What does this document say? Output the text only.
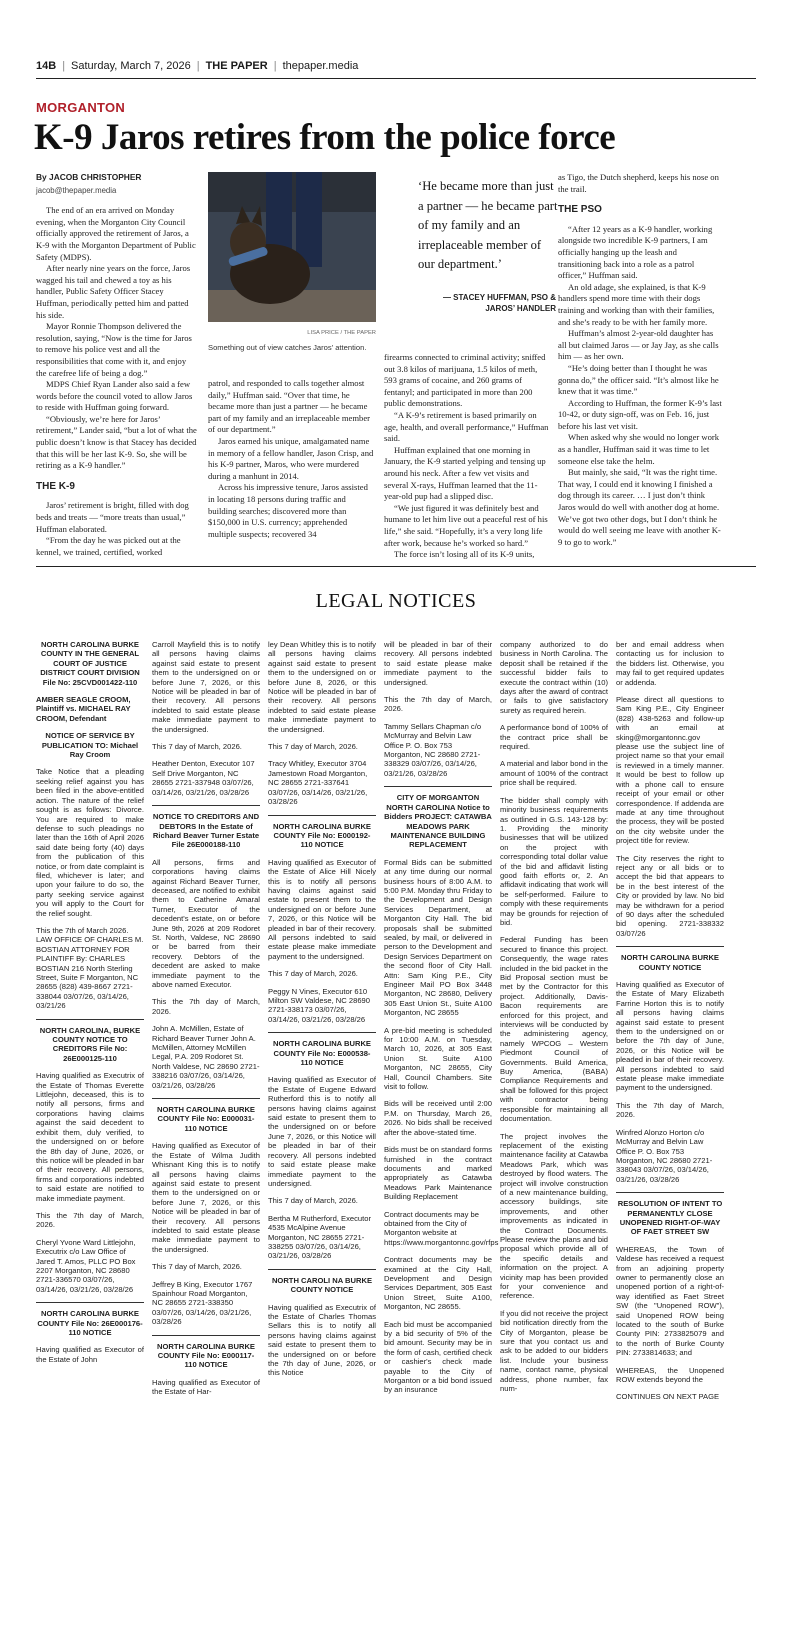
14B | Saturday, March 7, 2026 | THE PAPER | thepaper.media
MORGANTON
K-9 Jaros retires from the police force
By JACOB CHRISTOPHER
jacob@thepaper.media

The end of an era arrived on Monday evening, when the Morganton City Council officially approved the retirement of Jaros, a K-9 with the Morganton Department of Public Safety (MDPS).

After nearly nine years on the force, Jaros wagged his tail and chewed a toy as his handler, Public Safety Officer Stacey Huffman, periodically petted him and patted his side.

Mayor Ronnie Thompson delivered the resolution, saying, “Now is the time for Jaros to remove his police vest and all the responsibilities that come with it, and enjoy the carefree life of being a dog.”

MDPS Chief Ryan Lander also said a few words before the council voted to allow Jaros to reside with Huffman going forward.

“Obviously, we’re here for Jaros’ retirement,” Lander said, “but a lot of what the public doesn’t know is that Stacey has decided that this will be her last K-9. So, she will be retiring as a K-9 handler.”

THE K-9

Jaros’ retirement is bright, filled with dog beds and treats — “more treats than usual,” Huffman elaborated.

“From the day he was picked out at the kennel, we trained, certified, worked

LISA PRICE / THE PAPER
Something out of view catches Jaros’ attention.

patrol, and responded to calls together almost daily,” Huffman said. “Over that time, he became more than just a partner — he became part of my family and an irreplaceable member of our department.”

Jaros earned his unique, amalgamated name in memory of a fellow handler, Jason Crisp, and his K-9 partner, Maros, who were murdered during a manhunt in 2014.

Across his impressive tenure, Jaros assisted in locating 18 persons during traffic and building searches; discovered more than $150,000 in U.S. currency; apprehended multiple suspects; recovered 34

‘He became more than just a partner — he became part of my family and an irreplaceable member of our department.’
— STACEY HUFFMAN, PSO & JAROS’ HANDLER

firearms connected to criminal activity; sniffed out 3.8 kilos of marijuana, 1.5 kilos of meth, 593 grams of cocaine, and 260 grams of fentanyl; and participated in more than 200 public demonstrations.

“A K-9’s retirement is based primarily on age, health, and overall performance,” Huffman said.

Huffman explained that one morning in January, the K-9 started yelping and tensing up around his neck. After a few vet visits and several X-rays, Huffman learned that the 11-year-old pup had a slipped disc.

“We just figured it was definitely best and humane to let him live out a peaceful rest of his life,” she said. “Hopefully, it’s a very long life after work, because he’s worked so hard.”

The force isn’t losing all of its K-9 units,

as Tigo, the Dutch shepherd, keeps his nose on the trail.

THE PSO

“After 12 years as a K-9 handler, working alongside two incredible K-9 partners, I am officially hanging up the leash and transitioning back into a role as a patrol officer,” Huffman said.

An old adage, she explained, is that K-9 handlers spend more time with their dogs training and working than with their families, and she’s ready to be with her family more.

Huffman’s almost 2-year-old daughter has all but claimed Jaros — or Jay Jay, as she calls him — as her own.

“He’s doing better than I thought he was gonna do,” the officer said. “It’s almost like he knew that it was time.”

According to Huffman, the former K-9’s last 10-42, or duty sign-off, was on Feb. 16, just before his last vet visit.

When asked why she would no longer work as a handler, Huffman said it was time to let someone else take the helm.

But mainly, she said, “It was the right time. That way, I could end it knowing I finished a dog through its career. … I just don’t think Jaros would do well with another dog at home. We’ve got two other dogs, but I don’t think he would do well seeing me leave with another K-9 to go to work.”

LEGAL NOTICES

NORTH CAROLINA BURKE COUNTY IN THE GENERAL COURT OF JUSTICE DISTRICT COURT DIVISION File No: 25CVD001422-110

AMBER SEAGLE CROOM, Plaintiff vs. MICHAEL RAY CROOM, Defendant

NOTICE OF SERVICE BY PUBLICATION TO: Michael Ray Croom

Take Notice that a pleading seeking relief against you has been filed in the above-entitled action. The nature of the relief sought is as follows: Divorce. You are required to make defense to such pleadings no later than the 16th of April 2026 said date being forty (40) days from the publication of this notice, or from date complaint is filed, whichever is later; and upon your failure to do so, the party seeking service against you will apply to the Court for the relief sought.

This the 7th of March 2026. LAW OFFICE OF CHARLES M. BOSTIAN ATTORNEY FOR PLAINTIFF By: CHARLES BOSTIAN 216 North Sterling Street, Suite F Morganton, NC 28655 (828) 439-8667 2721-338044 03/07/26, 03/14/26, 03/21/26

NORTH CAROLINA, BURKE COUNTY NOTICE TO CREDITORS File No: 26E000125-110

Having qualified as Executrix of the Estate of Thomas Everette Littlejohn, deceased, this is to notify all persons, firms and corporations having claims against the said decedent to exhibit them, duly verified, to the undersigned on or before the 8th day of June, 2026, or this notice will be pleaded in bar of their recovery. All persons, firms and corporations indebted to said estate are notified to make immediate payment.

This the 7th day of March, 2026.

Cheryl Yvone Ward Littlejohn, Executrix c/o Law Office of Jared T. Amos, PLLC PO Box 2207 Morganton, NC 28680 2721-336570 03/07/26, 03/14/26, 03/21/26, 03/28/26

NORTH CAROLINA BURKE COUNTY File No: 26E000176-110 NOTICE

Having qualified as Executor of the Estate of John

Carroll Mayfield this is to notify all persons having claims against said estate to present them to the undersigned on or before June 7, 2026, or this Notice will be pleaded in bar of their recovery. All persons indebted to said estate please make immediate payment to the undersigned.

This 7 day of March, 2026.

Heather Denton, Executor 107 Self Drive Morganton, NC 28655 2721-337948 03/07/26, 03/14/26, 03/21/26, 03/28/26

NOTICE TO CREDITORS AND DEBTORS In the Estate of Richard Beaver Turner Estate File 26E000188-110

All persons, firms and corporations having claims against Richard Beaver Turner, deceased, are notified to exhibit them to Catherine Amaral Turner, Executor of the decedent's estate, on or before June 9th, 2026 at 209 Rodoret St. North, Valdese, NC 28690 or be barred from their recovery. Debtors of the decedent are asked to make immediate payment to the above named Executor.

This the 7th day of March, 2026.

John A. McMillen, Estate of Richard Beaver Turner John A. McMillen, Attorney McMillen Legal, P.A. 209 Rodoret St. North Valdese, NC 28690 2721-338216 03/07/26, 03/14/26, 03/21/26, 03/28/26

NORTH CAROLINA BURKE COUNTY File No: E000031-110 NOTICE

Having qualified as Executor of the Estate of Wilma Judith Whisnant King this is to notify all persons having claims against said estate to present them to the undersigned on or before June 7, 2026, or this Notice will be pleaded in bar of their recovery. All persons indebted to said estate please make immediate payment to the undersigned.

This 7 day of March, 2026.

Jeffrey B King, Executor 1767 Spainhour Road Morganton, NC 28655 2721-338350 03/07/26, 03/14/26, 03/21/26, 03/28/26

NORTH CAROLINA BURKE COUNTY File No: E000117-110 NOTICE

Having qualified as Executor of the Estate of Har-

ley Dean Whitley this is to notify all persons having claims against said estate to present them to the undersigned on or before June 8, 2026, or this Notice will be pleaded in bar of their recovery. All persons indebted to said estate please make immediate payment to the undersigned.

This 7 day of March, 2026.

Tracy Whitley, Executor 3704 Jamestown Road Morganton, NC 28655 2721-337641 03/07/26, 03/14/26, 03/21/26, 03/28/26

NORTH CAROLINA BURKE COUNTY File No: E000192-110 NOTICE

Having qualified as Executor of the Estate of Alice Hill Nicely this is to notify all persons having claims against said estate to present them to the undersigned on or before June 7, 2026, or this Notice will be pleaded in bar of their recovery. All persons indebted to said estate please make immediate payment to the undersigned.

This 7 day of March, 2026.

Peggy N Vines, Executor 610 Milton SW Valdese, NC 28690 2721-338173 03/07/26, 03/14/26, 03/21/26, 03/28/26

NORTH CAROLINA BURKE COUNTY File No: E000538-110 NOTICE

Having qualified as Executor of the Estate of Eugene Edward Rutherford this is to notify all persons having claims against said estate to present them to the undersigned on or before June 7, 2026, or this Notice will be pleaded in bar of their recovery. All persons indebted to said estate please make immediate payment to the undersigned.

This 7 day of March, 2026.

Bertha M Rutherford, Executor 4535 McAlpine Avenue Morganton, NC 28655 2721-338255 03/07/26, 03/14/26, 03/21/26, 03/28/26

NORTH CAROLI NA BURKE COUNTY NOTICE

Having qualified as Executrix of the Estate of Charles Thomas Sellars this is to notify all persons having claims against said estate to present them to the undersigned on or before the 7th day of June, 2026, or this Notice

will be pleaded in bar of their recovery. All persons indebted to said estate please make immediate payment to the undersigned.

This the 7th day of March, 2026.

Tammy Sellars Chapman c/o McMurray and Belvin Law Office P. O. Box 753 Morganton, NC 28680 2721-338329 03/07/26, 03/14/26, 03/21/26, 03/28/26

CITY OF MORGANTON NORTH CAROLINA Notice to Bidders PROJECT: CATAWBA MEADOWS PARK MAINTENANCE BUILDING REPLACEMENT

Formal Bids can be submitted at any time during our normal business hours of 8:00 A.M. to 5:00 P.M. Monday thru Friday to the Development and Design Services Department, at Morganton City Hall. The bid proposals shall be submitted sealed, by mail, or delivered in person to the Development and Design Services Department on the second floor of City Hall. Attn: Sam King P.E., City Engineer Mail PO Box 3448 Morganton, NC 28680, Delivery 305 East Union St., Suite A100 Morganton, NC 28655

A pre-bid meeting is scheduled for 10:00 A.M. on Tuesday, March 10, 2026, at 305 East Union St. Suite A100 Morganton, NC 28655, City Hall, Council Chambers. Site visit to follow.

Bids will be received until 2:00 P.M. on Thursday, March 26, 2026. No bids shall be received after the above-stated time.

Bids must be on standard forms furnished in the contract documents and marked appropriately as Catawba Meadows Park Maintenance Building Replacement

Contract documents may be obtained from the City of Morganton website at https://www.morgantonnc.gov/rfps

Contract documents may be examined at the City Hall, Development and Design Services Department, 305 East Union Street, Suite A100, Morganton, NC 28655.

Each bid must be accompanied by a bid security of 5% of the bid amount. Security may be in the form of cash, certified check or cashier's check made payable to the City of Morganton or a bid bond issued by an insurance

company authorized to do business in North Carolina. The deposit shall be retained if the successful bidder fails to execute the contract within (10) days after the award of contract or fails to give satisfactory surety as required herein.

A performance bond of 100% of the contract price shall be required.

A material and labor bond in the amount of 100% of the contract price shall be required.

The bidder shall comply with minority business requirements as outlined in G.S. 143-128 by: 1. Providing the minority businesses that will be utilized on the project with corresponding total dollar value of the bid and affidavit listing good faith efforts or, 2. An affidavit indicating that work will be self-performed. Failure to comply with these requirements may be grounds for rejection of bid.

Federal Funding has been secured to finance this project. Consequently, the wage rates included in the bid packet in the Bid Proposal section must be met by the Contractor for this project. Additionally, Davis-Bacon requirements are enforced for this project, and interviews will be conducted by the administering agency, namely WPCOG – Western Piedmont Council of Governments. Build America, Buy America, (BABA) Compliance Requirements and shall be followed for this project with contractor being responsible for maintaining all documentation.

The project involves the replacement of the existing maintenance facility at Catawba Meadows Park, which was destroyed by flood waters. The project will involve construction of a new maintenance building, accessory buildings, site improvements, and other improvements as indicated in the Contract Documents. Please review the plans and bid proposal which provide all of the specific details and information on the project. A vicinity map has been provided for your convenience and reference.

If you did not receive the project bid notification directly from the City of Morganton, please be sure that you contact us and ask to be added to our bidders list. Include your business name, contact name, physical address, phone number, fax num-

ber and email address when contacting us for inclusion to the bidders list. Otherwise, you may fail to get required updates or addenda.

Please direct all questions to Sam King P.E., City Engineer (828) 438-5263 and follow-up with an email at sking@morgantonnc.gov please use the subject line of project name so that your email is reviewed in a timely manner. It would be best to follow up with a phone call to ensure receipt of your email or other correspondence. If addenda are made at any time throughout the process, they will be posted on the city website under the project title for review.

The City reserves the right to reject any or all bids or to accept the bid that appears to be in the best interest of the City or provided by law. No bid may be withdrawn for a period of 90 days after the scheduled bid opening. 2721-338332 03/07/26

NORTH CAROLINA BURKE COUNTY NOTICE

Having qualified as Executor of the Estate of Mary Elizabeth Farrine Horton this is to notify all persons having claims against said estate to present them to the undersigned on or before the 7th day of June, 2026, or this Notice will be pleaded in bar of their recovery. All persons indebted to said estate please make immediate payment to the undersigned.

This the 7th day of March, 2026.

Winfred Alonzo Horton c/o McMurray and Belvin Law Office P. O. Box 753 Morganton, NC 28680 2721-338043 03/07/26, 03/14/26, 03/21/26, 03/28/26

RESOLUTION OF INTENT TO PERMANENTLY CLOSE UNOPENED RIGHT-OF-WAY OF FAET STREET SW

WHEREAS, the Town of Valdese has received a request from an adjoining property owner to permanently close an unopened portion of a right-of-way identified as Faet Street SW (the "Unopened ROW"), said Unopened ROW being located to the south of Burke County PIN: 2733825079 and to the north of Burke County PIN: 2733814633; and

WHEREAS, the Unopened ROW extends beyond the

CONTINUES ON NEXT PAGE
